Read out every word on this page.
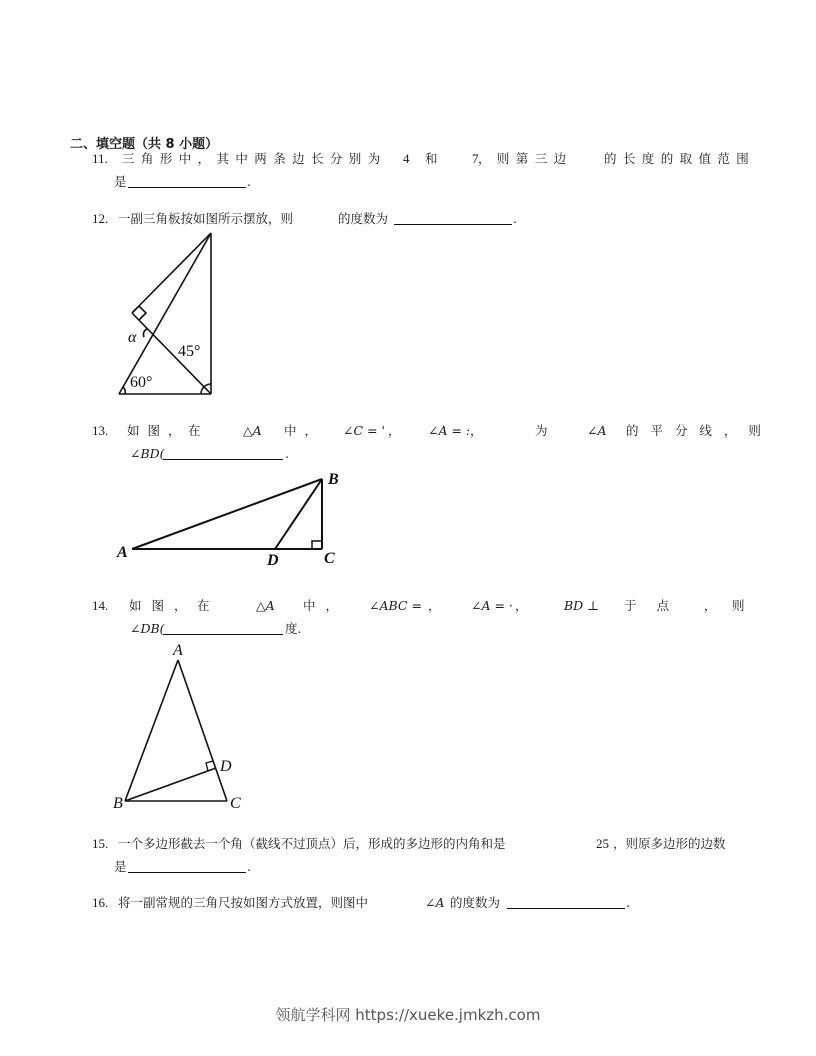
二、填空题（共 8 小题）
11. 三角形中，其中两条边长分别为 4 和	7 ，则第三边	的长度的取值范围
是	.
12. 一副三角板按如图所示摆放，则	的度数为	.
α
45°
60°
13. 如 图 ， 在	△A 中 ， ∠C = ' ， ∠A = : ，	为	∠A 的 平 分 线 ， 则
∠BD(	.
A
B
C
D
14. 如 图 ， 在	△A 中 ， ∠ABC = ， ∠A = · ，	BD ⊥ 于 点 ， 则
∠DB(	度.
A
B	C
D
15. 一个多边形截去一个角（截线不过顶点）后，形成的多边形的内角和是	25 ，则原多边形的边数
是	.
16. 将一副常规的三角尺按如图方式放置，则图中	∠A 的度数为	.
领航学科网 https://xueke.jmkzh.com
